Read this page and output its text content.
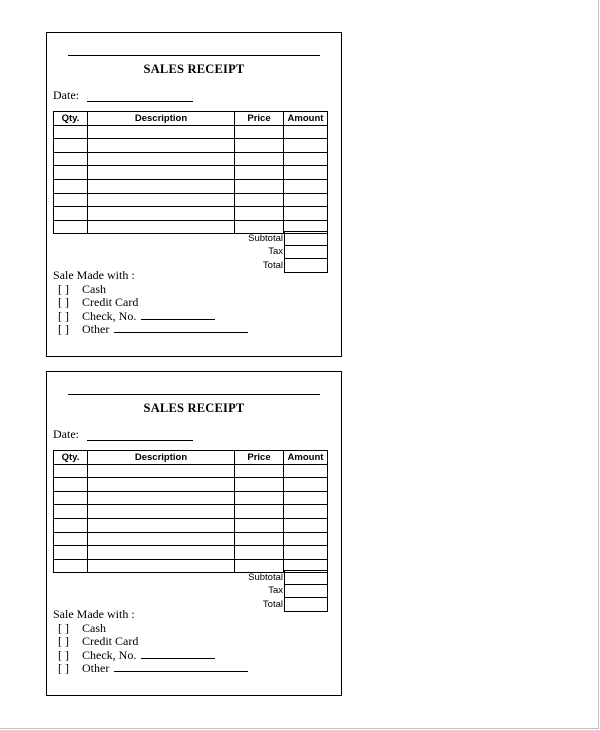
SALES RECEIPT
Date:
Qty.	Description	Price	Amount

Subtotal	
Tax	
Total	
Sale Made with :
[ ] Cash
[ ] Credit Card
[ ] Check, No.
[ ] Other
SALES RECEIPT
Date:
Qty.	Description	Price	Amount

Subtotal	
Tax	
Total	
Sale Made with :
[ ] Cash
[ ] Credit Card
[ ] Check, No.
[ ] Other
